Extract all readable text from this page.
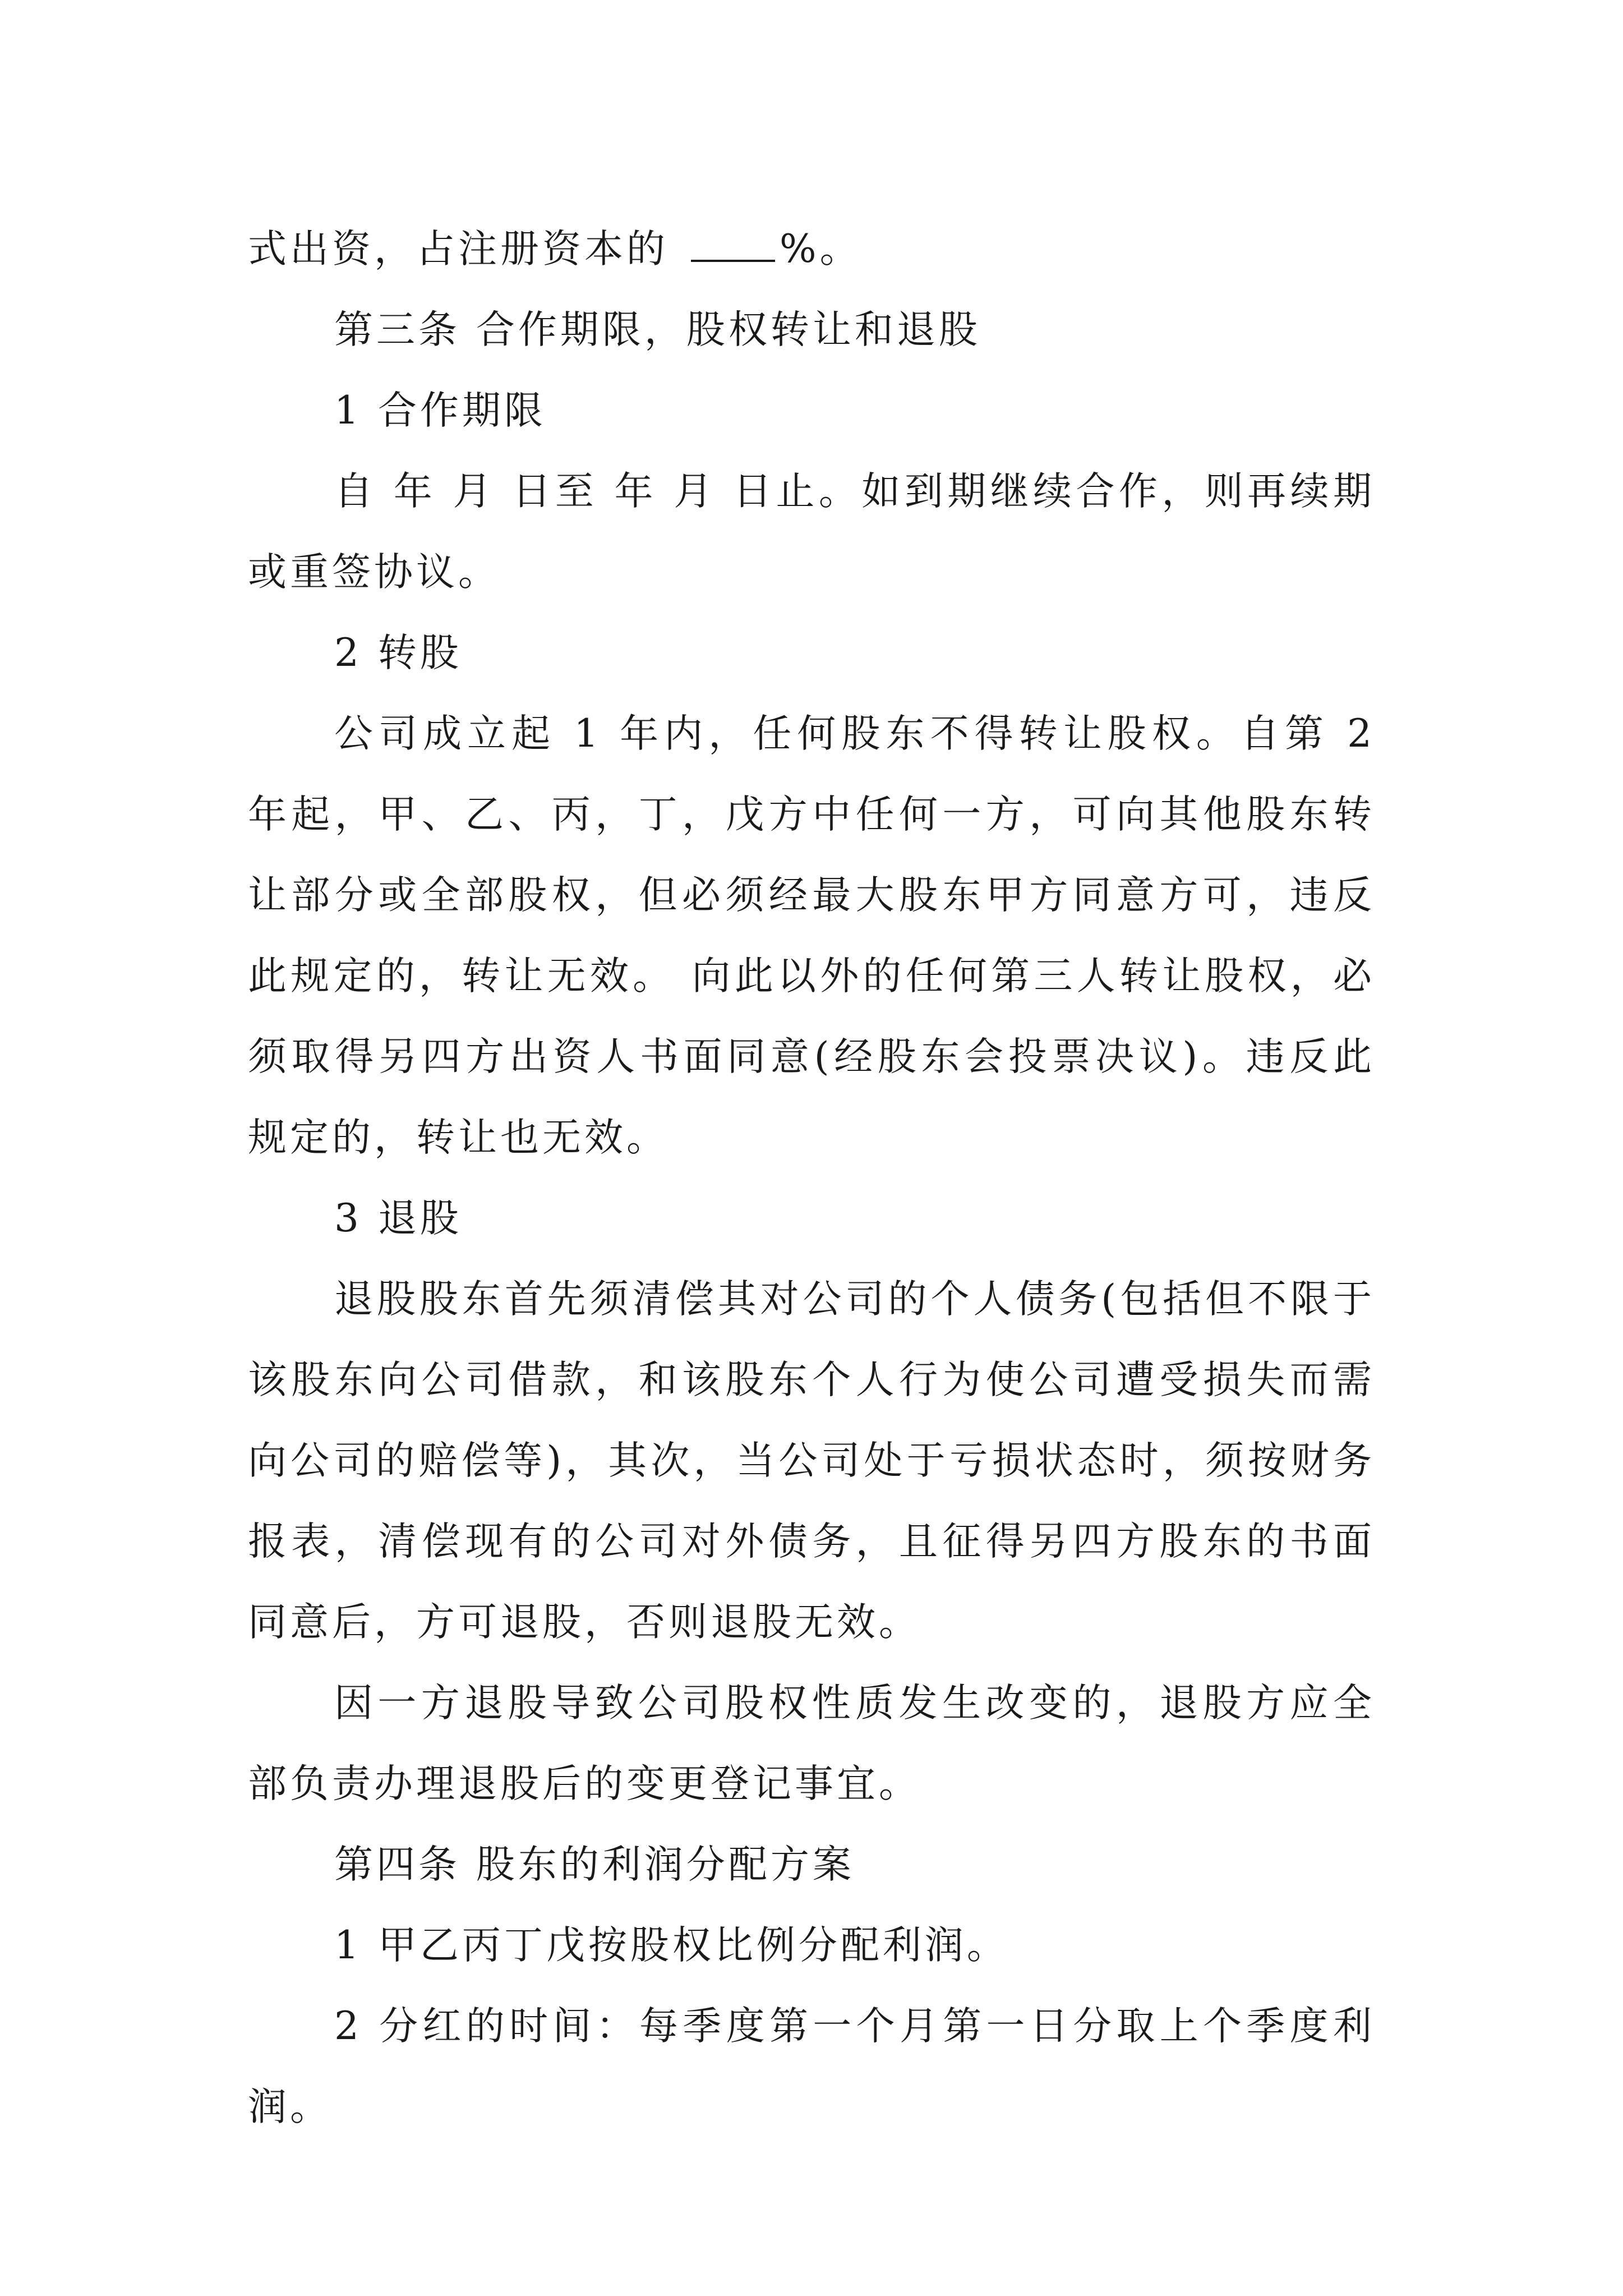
式出资，占注册资本的	%。

第三条 合作期限，股权转让和退股

1 合作期限

自 年 月 日至 年 月 日止。如到期继续合作，则再续期或重签协议。

2 转股

公司成立起 1 年内，任何股东不得转让股权。自第 2 年起，甲、乙、丙，丁，戊方中任何一方，可向其他股东转让部分或全部股权，但必须经最大股东甲方同意方可，违反此规定的，转让无效。 向此以外的任何第三人转让股权，必须取得另四方出资人书面同意(经股东会投票决议)。违反此规定的，转让也无效。

3 退股

退股股东首先须清偿其对公司的个人债务(包括但不限于该股东向公司借款，和该股东个人行为使公司遭受损失而需向公司的赔偿等)，其次，当公司处于亏损状态时，须按财务报表，清偿现有的公司对外债务，且征得另四方股东的书面同意后，方可退股，否则退股无效。

因一方退股导致公司股权性质发生改变的，退股方应全部负责办理退股后的变更登记事宜。

第四条 股东的利润分配方案

1 甲乙丙丁戊按股权比例分配利润。

2 分红的时间：每季度第一个月第一日分取上个季度利润。
